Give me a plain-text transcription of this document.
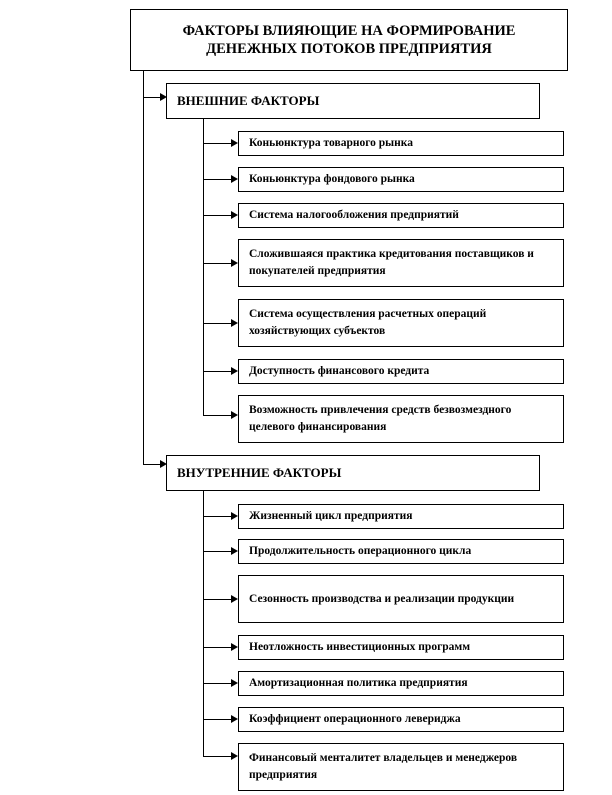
ФАКТОРЫ ВЛИЯЮЩИЕ НА ФОРМИРОВАНИЕ ДЕНЕЖНЫХ ПОТОКОВ ПРЕДПРИЯТИЯ
ВНЕШНИЕ ФАКТОРЫ
Коньюнктура товарного рынка
Коньюнктура фондового рынка
Система налогообложения предприятий
Сложившаяся практика кредитования поставщиков и покупателей предприятия
Система осуществления расчетных операций хозяйствующих субъектов
Доступность финансового кредита
Возможность привлечения средств безвозмездного целевого финансирования
ВНУТРЕННИЕ ФАКТОРЫ
Жизненный цикл предприятия
Продолжительность операционного цикла
Сезонность производства и реализации продукции
Неотложность инвестиционных программ
Амортизационная политика предприятия
Коэффициент операционного левериджа
Финансовый менталитет владельцев и менеджеров предприятия
